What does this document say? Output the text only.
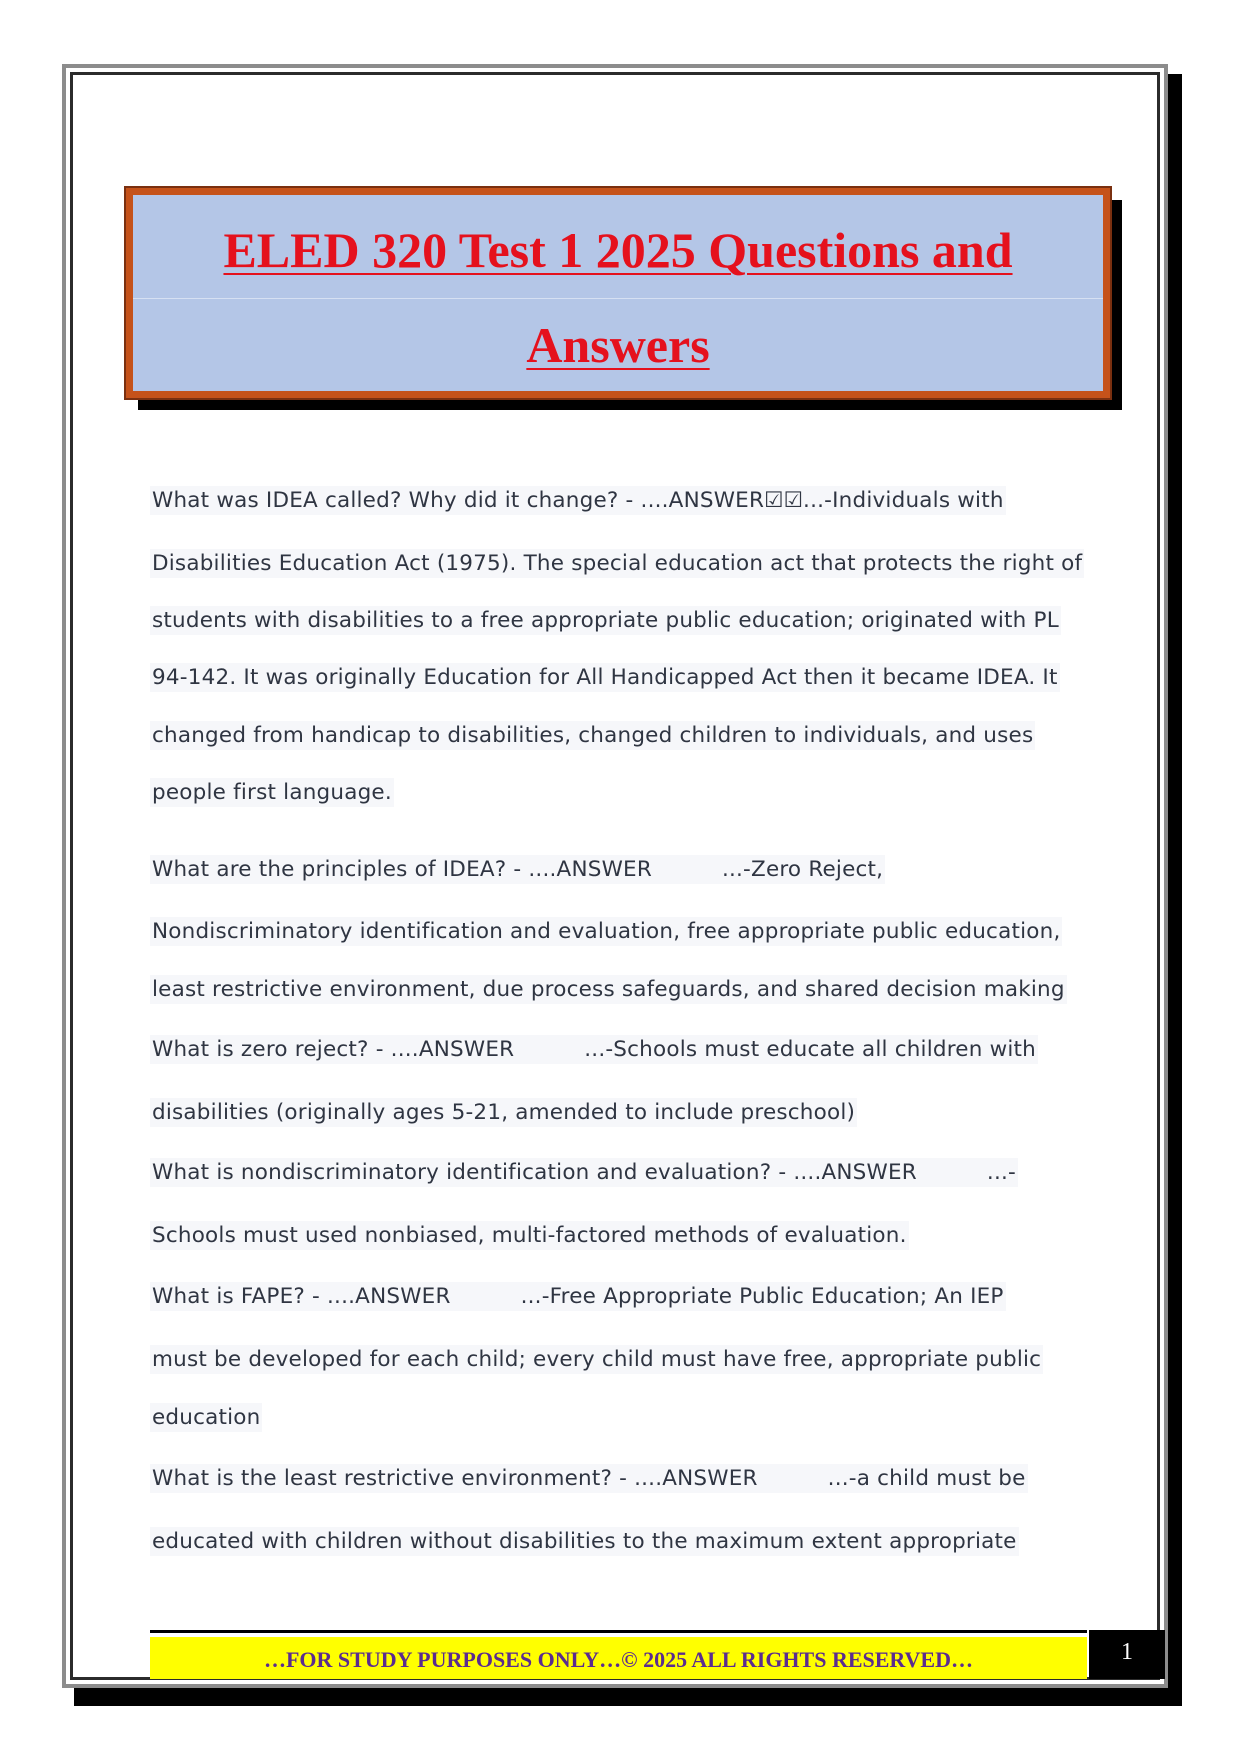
ELED 320 Test 1 2025 Questions and
Answers
What was IDEA called? Why did it change? - ....ANSWER☑☑...-Individuals with
Disabilities Education Act (1975). The special education act that protects the right of
students with disabilities to a free appropriate public education; originated with PL
94-142. It was originally Education for All Handicapped Act then it became IDEA. It
changed from handicap to disabilities, changed children to individuals, and uses
people first language.
What are the principles of IDEA? - ....ANSWER	...-Zero Reject,
Nondiscriminatory identification and evaluation, free appropriate public education,
least restrictive environment, due process safeguards, and shared decision making
What is zero reject? - ....ANSWER	...-Schools must educate all children with
disabilities (originally ages 5-21, amended to include preschool)
What is nondiscriminatory identification and evaluation? - ....ANSWER	...-
Schools must used nonbiased, multi-factored methods of evaluation.
What is FAPE? - ....ANSWER	...-Free Appropriate Public Education; An IEP
must be developed for each child; every child must have free, appropriate public
education
What is the least restrictive environment? - ....ANSWER	...-a child must be
educated with children without disabilities to the maximum extent appropriate
…FOR STUDY PURPOSES ONLY…© 2025 ALL RIGHTS RESERVED…	1
